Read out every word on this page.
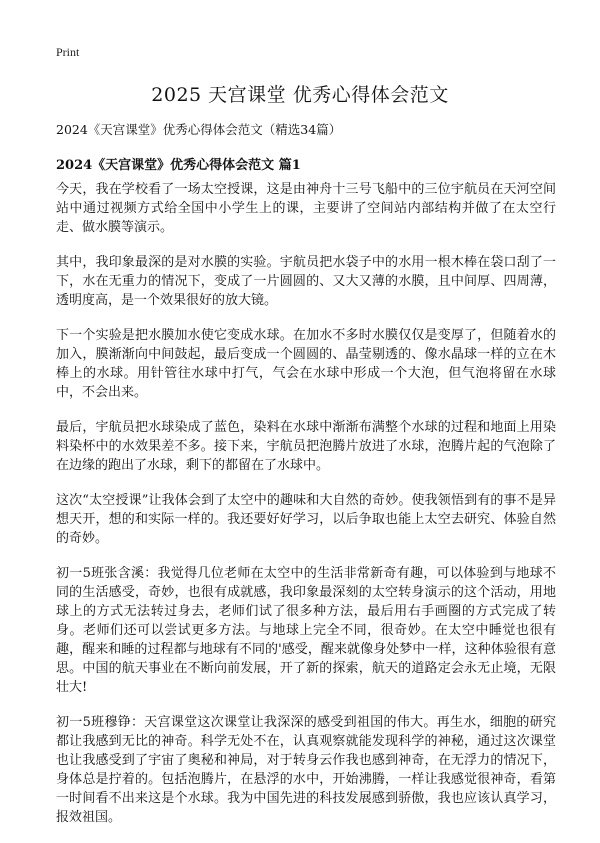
Print
2025 天宫课堂 优秀心得体会范文
2024《天宫课堂》优秀心得体会范文（精选34篇）
2024《天宫课堂》优秀心得体会范文 篇1

今天，我在学校看了一场太空授课，这是由神舟十三号飞船中的三位宇航员在天河空间站中通过视频方式给全国中小学生上的课，主要讲了空间站内部结构并做了在太空行走、做水膜等演示。

其中，我印象最深的是对水膜的实验。宇航员把水袋子中的水用一根木棒在袋口刮了一下，水在无重力的情况下，变成了一片圆圆的、又大又薄的水膜，且中间厚、四周薄，透明度高，是一个效果很好的放大镜。

下一个实验是把水膜加水使它变成水球。在加水不多时水膜仅仅是变厚了，但随着水的加入，膜渐渐向中间鼓起，最后变成一个圆圆的、晶莹剔透的、像水晶球一样的立在木棒上的水球。用针管往水球中打气，气会在水球中形成一个大泡，但气泡将留在水球中，不会出来。

最后，宇航员把水球染成了蓝色，染料在水球中渐渐布满整个水球的过程和地面上用染料染杯中的水效果差不多。接下来，宇航员把泡腾片放进了水球，泡腾片起的气泡除了在边缘的跑出了水球，剩下的都留在了水球中。

这次“太空授课”让我体会到了太空中的趣味和大自然的奇妙。使我领悟到有的事不是异想天开，想的和实际一样的。我还要好好学习，以后争取也能上太空去研究、体验自然的奇妙。

初一5班张含溪：我觉得几位老师在太空中的生活非常新奇有趣，可以体验到与地球不同的生活感受，奇妙，也很有成就感，我印象最深刻的太空转身演示的这个活动，用地球上的方式无法转过身去，老师们试了很多种方法，最后用右手画圈的方式完成了转身。老师们还可以尝试更多方法。与地球上完全不同，很奇妙。在太空中睡觉也很有趣，醒来和睡的过程都与地球有不同的'感受，醒来就像身处梦中一样，这种体验很有意思。中国的航天事业在不断向前发展，开了新的探索，航天的道路定会永无止境，无限壮大!

初一5班穆铮：天宫课堂这次课堂让我深深的感受到祖国的伟大。再生水，细胞的研究都让我感到无比的神奇。科学无处不在，认真观察就能发现科学的神秘，通过这次课堂也让我感受到了宇宙了奥秘和神局，对于转身云作我也感到神奇，在无浮力的情况下，身体总是拧着的。包括泡腾片，在悬浮的水中，开始沸腾，一样让我感觉很神奇，看第一时间看不出来这是个水球。我为中国先进的科技发展感到骄傲，我也应该认真学习，报效祖国。
